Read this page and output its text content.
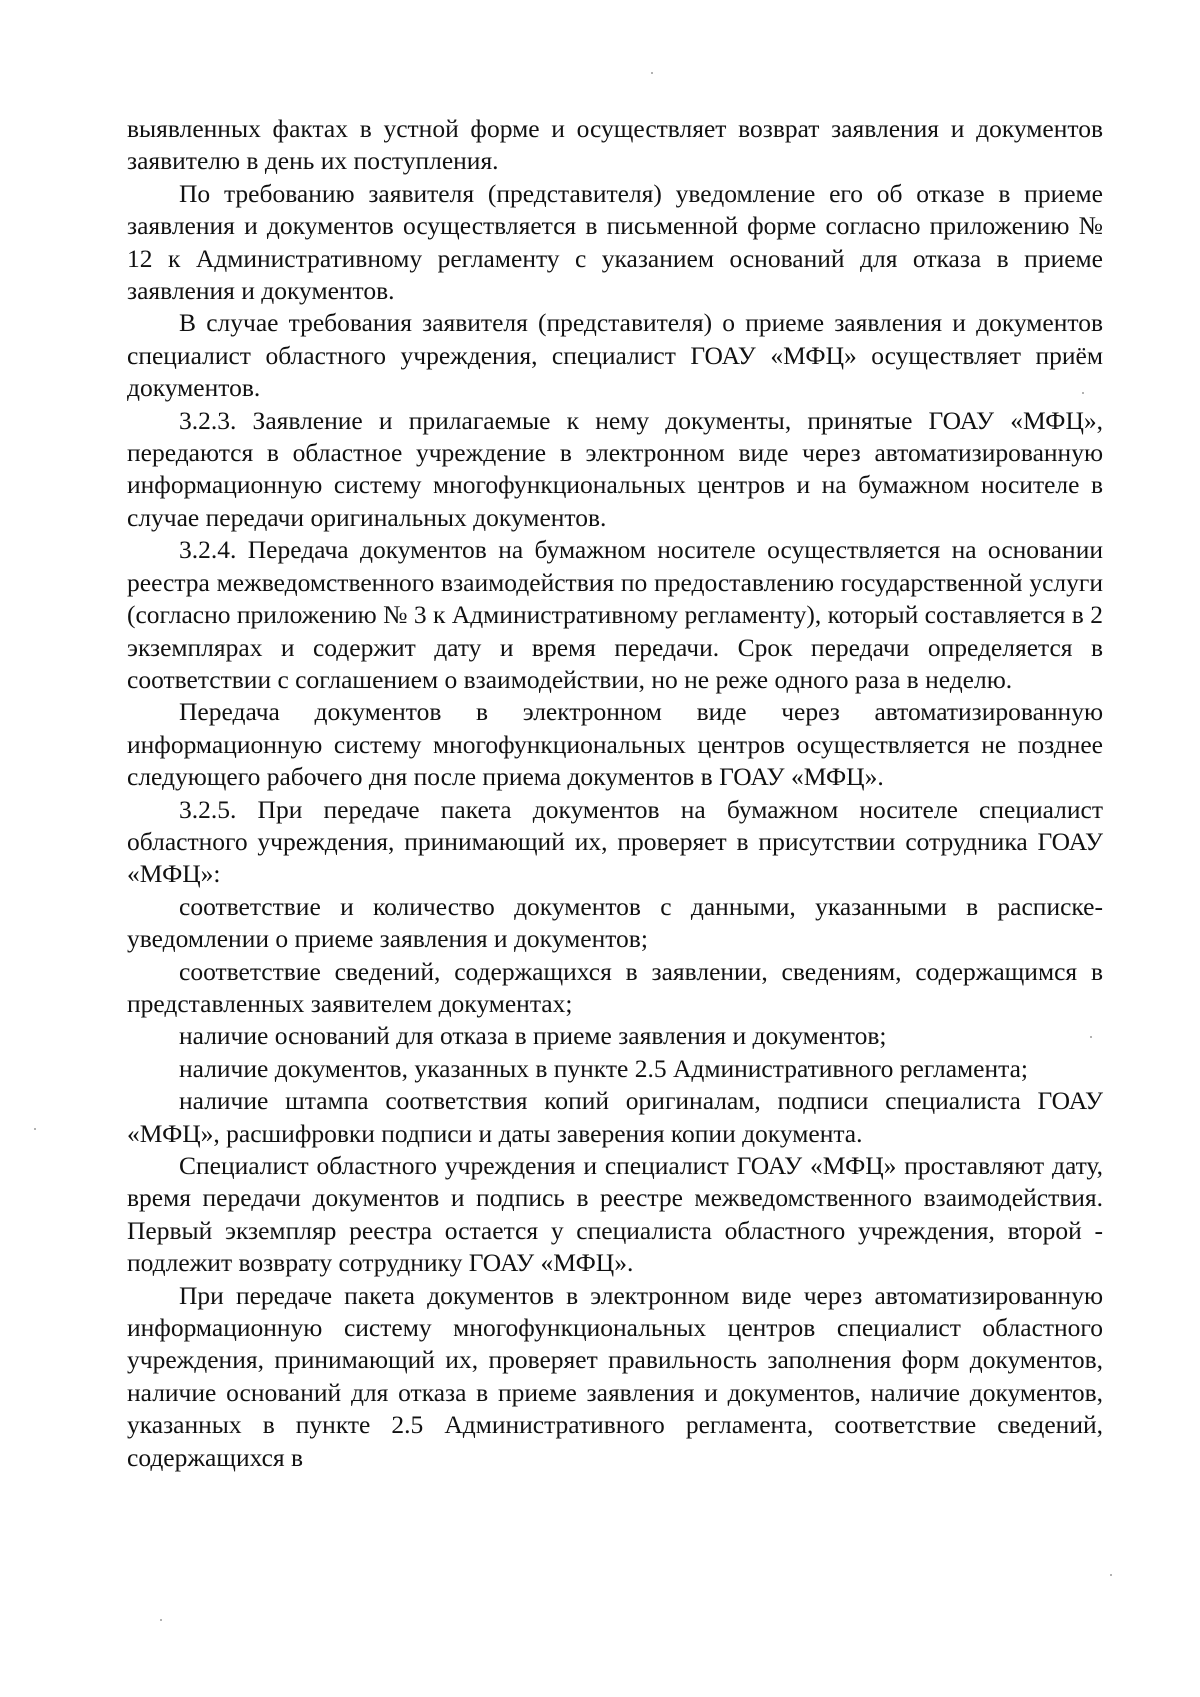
выявленных фактах в устной форме и осуществляет возврат заявления и документов заявителю в день их поступления.

По требованию заявителя (представителя) уведомление его об отказе в приеме заявления и документов осуществляется в письменной форме согласно приложению № 12 к Административному регламенту с указанием оснований для отказа в приеме заявления и документов.

В случае требования заявителя (представителя) о приеме заявления и документов специалист областного учреждения, специалист ГОАУ «МФЦ» осуществляет приём документов.

3.2.3. Заявление и прилагаемые к нему документы, принятые ГОАУ «МФЦ», передаются в областное учреждение в электронном виде через автоматизированную информационную систему многофункциональных центров и на бумажном носителе в случае передачи оригинальных документов.

3.2.4. Передача документов на бумажном носителе осуществляется на основании реестра межведомственного взаимодействия по предоставлению государственной услуги (согласно приложению № 3 к Административному регламенту), который составляется в 2 экземплярах и содержит дату и время передачи. Срок передачи определяется в соответствии с соглашением о взаимодействии, но не реже одного раза в неделю.

Передача документов в электронном виде через автоматизированную информационную систему многофункциональных центров осуществляется не позднее следующего рабочего дня после приема документов в ГОАУ «МФЦ».

3.2.5. При передаче пакета документов на бумажном носителе специалист областного учреждения, принимающий их, проверяет в присутствии сотрудника ГОАУ «МФЦ»:

соответствие и количество документов с данными, указанными в расписке-уведомлении о приеме заявления и документов;

соответствие сведений, содержащихся в заявлении, сведениям, содержащимся в представленных заявителем документах;

наличие оснований для отказа в приеме заявления и документов;

наличие документов, указанных в пункте 2.5 Административного регламента;

наличие штампа соответствия копий оригиналам, подписи специалиста ГОАУ «МФЦ», расшифровки подписи и даты заверения копии документа.

Специалист областного учреждения и специалист ГОАУ «МФЦ» проставляют дату, время передачи документов и подпись в реестре межведомственного взаимодействия. Первый экземпляр реестра остается у специалиста областного учреждения, второй - подлежит возврату сотруднику ГОАУ «МФЦ».

При передаче пакета документов в электронном виде через автоматизированную информационную систему многофункциональных центров специалист областного учреждения, принимающий их, проверяет правильность заполнения форм документов, наличие оснований для отказа в приеме заявления и документов, наличие документов, указанных в пункте 2.5 Административного регламента, соответствие сведений, содержащихся в
